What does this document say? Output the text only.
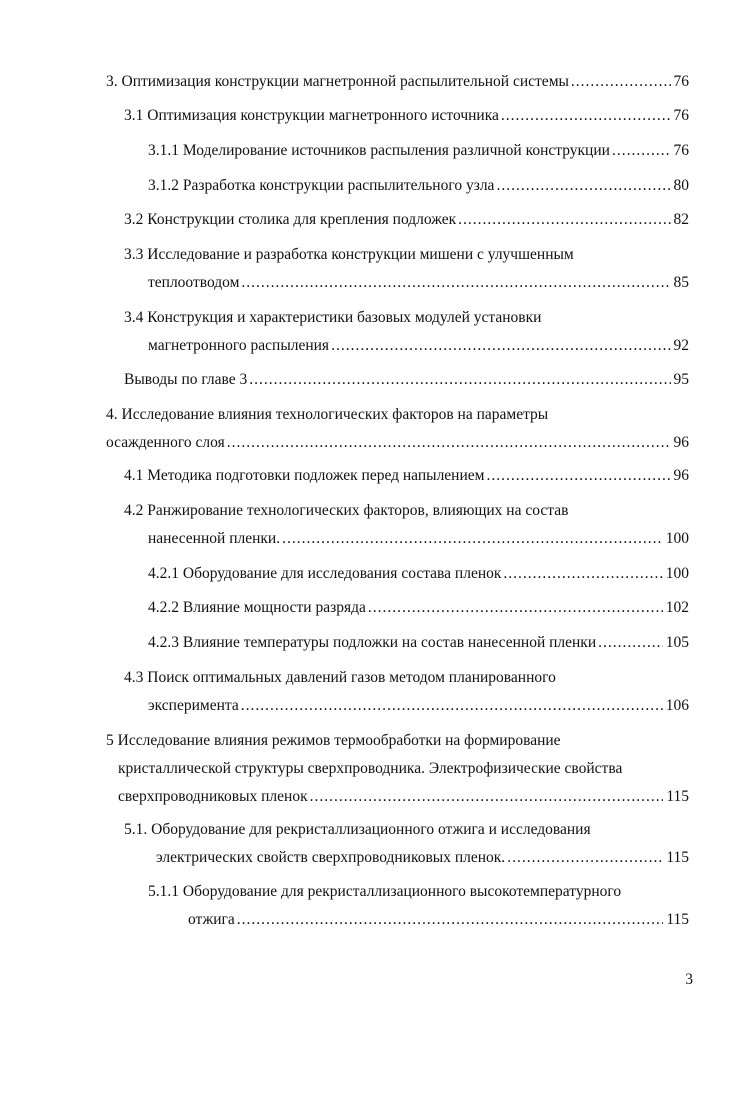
3. Оптимизация конструкции магнетронной распылительной системы .....	76
3.1 Оптимизация конструкции магнетронного источника .....	76
3.1.1 Моделирование источников распыления различной конструкции .....	76
3.1.2 Разработка конструкции распылительного узла .....	80
3.2 Конструкции столика для крепления подложек .....	82
3.3 Исследование и разработка конструкции мишени с улучшенным
теплоотводом .....	85
3.4 Конструкция и характеристики базовых модулей установки
магнетронного распыления .....	92
Выводы по главе 3 .....	95
4. Исследование влияния технологических факторов на параметры
осажденного слоя .....	96
4.1 Методика подготовки подложек перед напылением .....	96
4.2 Ранжирование технологических факторов, влияющих на состав
нанесенной пленки. .....	100
4.2.1 Оборудование для исследования состава пленок .....	100
4.2.2 Влияние мощности разряда .....	102
4.2.3 Влияние температуры подложки на состав нанесенной пленки .....	105
4.3 Поиск оптимальных давлений газов методом планированного
эксперимента .....	106
5 Исследование влияния режимов термообработки на формирование
кристаллической структуры сверхпроводника. Электрофизические свойства
сверхпроводниковых пленок .....	115
5.1. Оборудование для рекристаллизационного отжига и исследования
электрических свойств сверхпроводниковых пленок. .....	115
5.1.1 Оборудование для рекристаллизационного высокотемпературного
отжига .....	115
3
